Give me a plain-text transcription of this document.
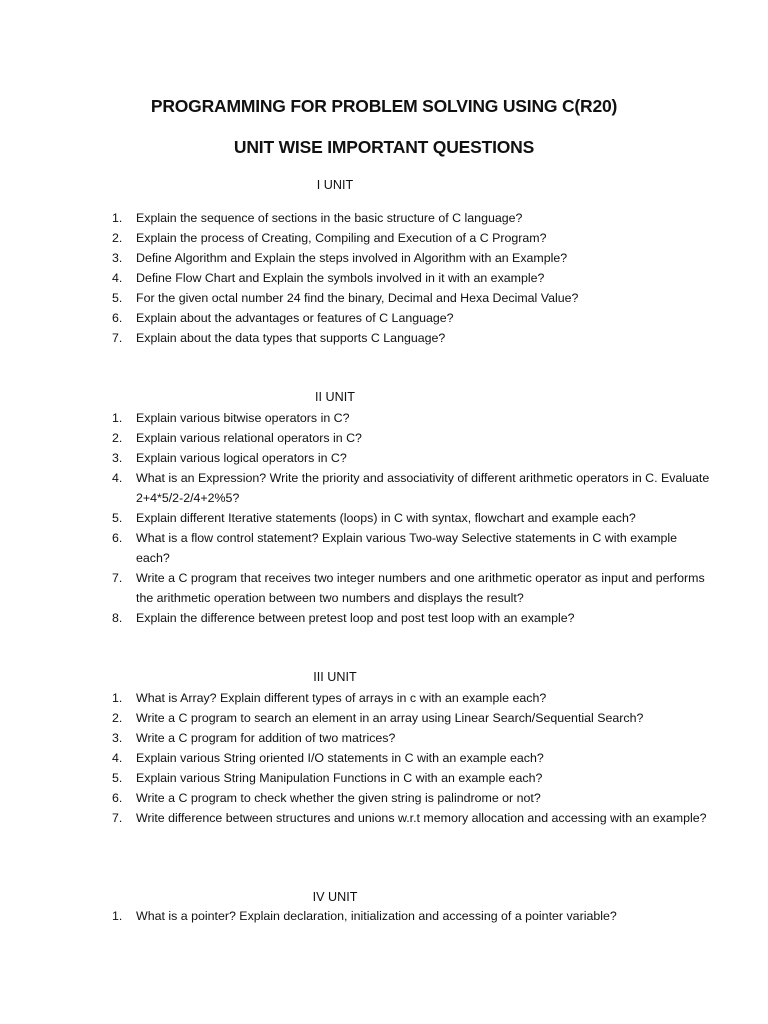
PROGRAMMING FOR PROBLEM SOLVING USING C(R20)
UNIT WISE IMPORTANT QUESTIONS
I UNIT
1. Explain the sequence of sections in the basic structure of C language?
2. Explain the process of Creating, Compiling and Execution of a C Program?
3. Define Algorithm and Explain the steps involved in Algorithm with an Example?
4. Define Flow Chart and Explain the symbols involved in it with an example?
5. For the given octal number 24 find the binary, Decimal and Hexa Decimal Value?
6. Explain about the advantages or features of C Language?
7. Explain about the data types that supports C Language?
II UNIT
1. Explain various bitwise operators in C?
2. Explain various relational operators in C?
3. Explain various logical operators in C?
4. What is an Expression? Write the priority and associativity of different arithmetic operators in C. Evaluate 2+4*5/2-2/4+2%5?
5. Explain different Iterative statements (loops) in C with syntax, flowchart and example each?
6. What is a flow control statement? Explain various Two-way Selective statements in C with example each?
7. Write a C program that receives two integer numbers and one arithmetic operator as input and performs the arithmetic operation between two numbers and displays the result?
8. Explain the difference between pretest loop and post test loop with an example?
III UNIT
1. What is Array? Explain different types of arrays in c with an example each?
2. Write a C program to search an element in an array using Linear Search/Sequential Search?
3. Write a C program for addition of two matrices?
4. Explain various String oriented I/O statements in C with an example each?
5. Explain various String Manipulation Functions in C with an example each?
6. Write a C program to check whether the given string is palindrome or not?
7. Write difference between structures and unions w.r.t memory allocation and accessing with an example?
IV UNIT
1. What is a pointer? Explain declaration, initialization and accessing of a pointer variable?
